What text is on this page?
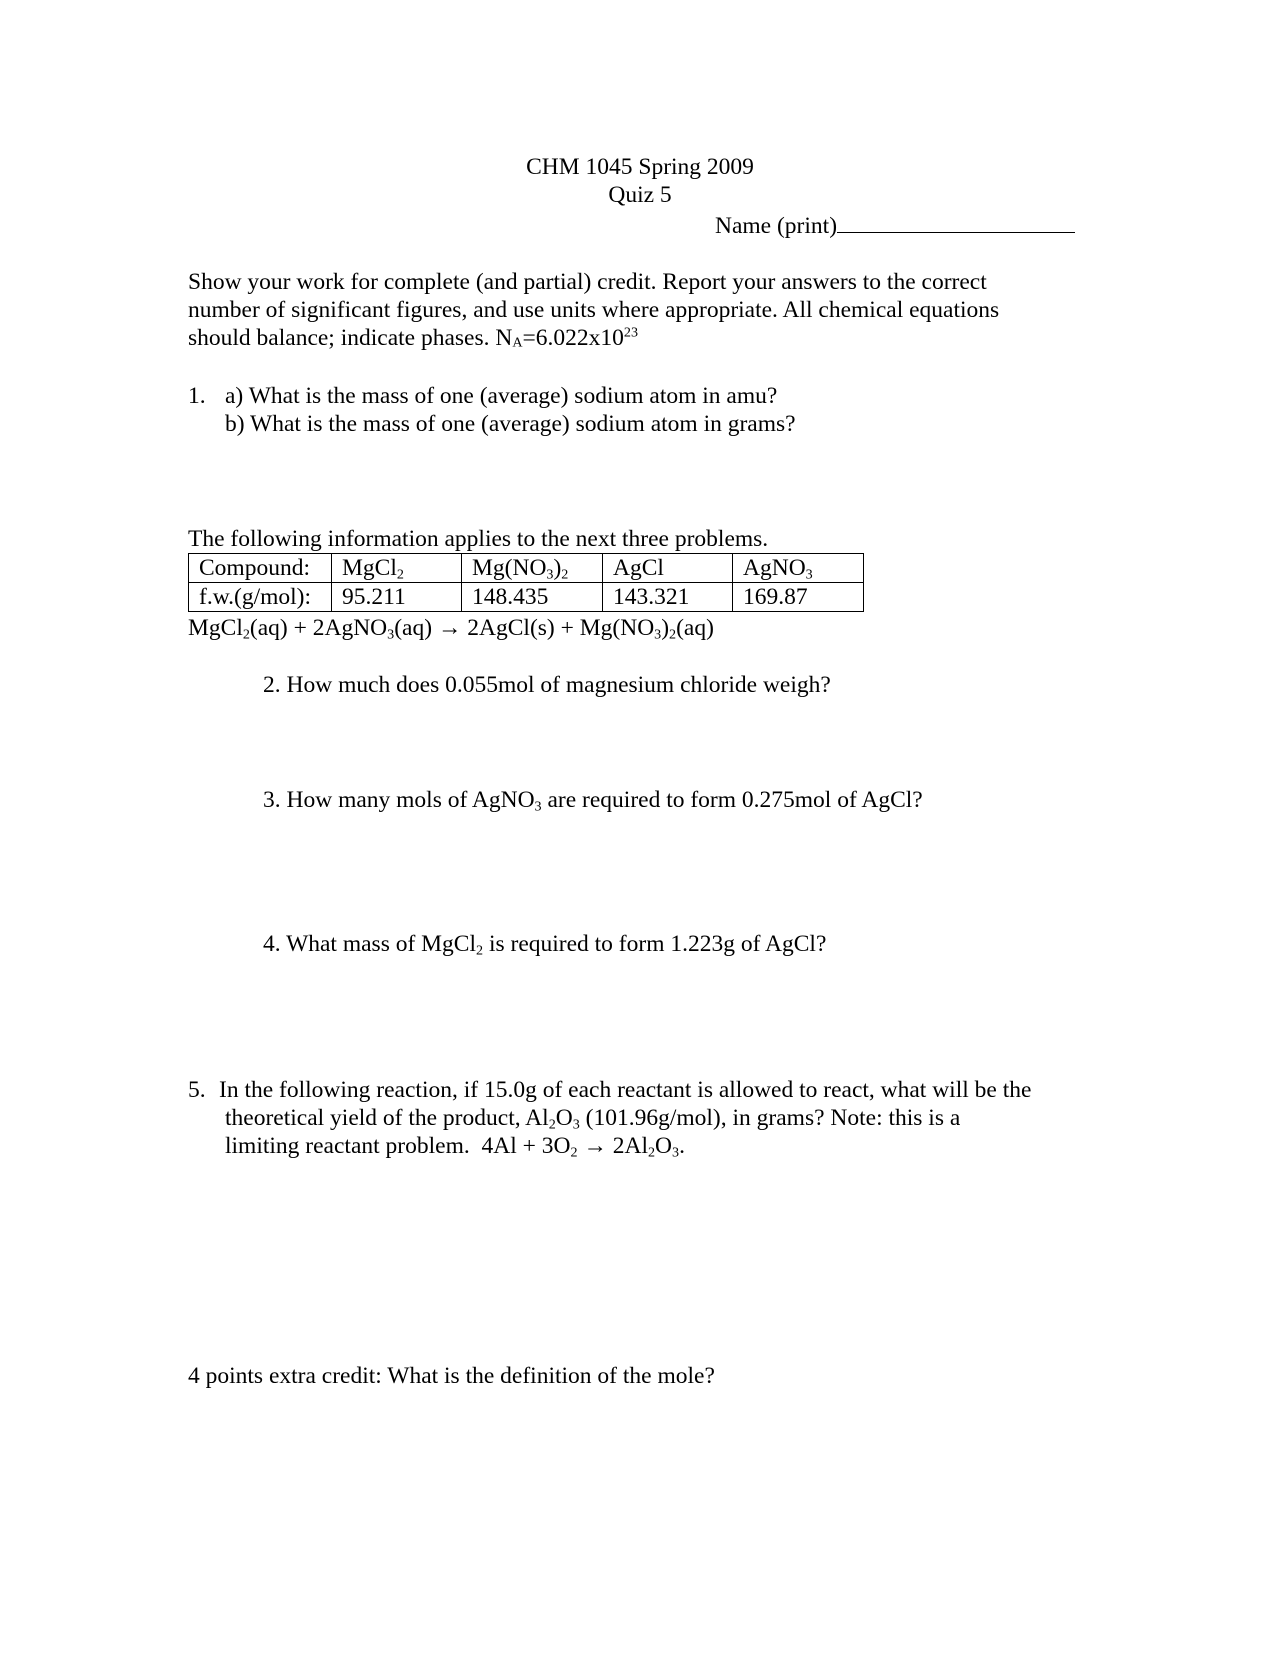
CHM 1045 Spring 2009
Quiz 5
Name (print)
Show your work for complete (and partial) credit. Report your answers to the correct
number of significant figures, and use units where appropriate. All chemical equations
should balance; indicate phases. $NA=6.022x10^{23}$
1. a) What is the mass of one (average) sodium atom in amu?
b) What is the mass of one (average) sodium atom in grams?
The following information applies to the next three problems.
Compound:	MgCl$_2$	$Mg(NO_3)_2$	AgCl	AgNO$_3$
f.w.(g/mol):	95.211	148.435	143.321	169.87
MgCl$_2$(aq) + 2AgNO$_3$(aq) → 2AgCl(s) + $Mg(NO_3)_2(aq)$
2. How much does 0.055mol of magnesium chloride weigh?
3. How many mols of AgNO$_3$ are required to form 0.275mol of AgCl?
4. What mass of MgCl$_2$ is required to form 1.223g of AgCl?
5. In the following reaction, if 15.0g of each reactant is allowed to react, what will be the
theoretical yield of the product, $Al_2O_3$ (101.96g/mol), in grams? Note: this is a
limiting reactant problem.  $4Al + 3O_2 \to 2Al_2O_3$.
4 points extra credit: What is the definition of the mole?
